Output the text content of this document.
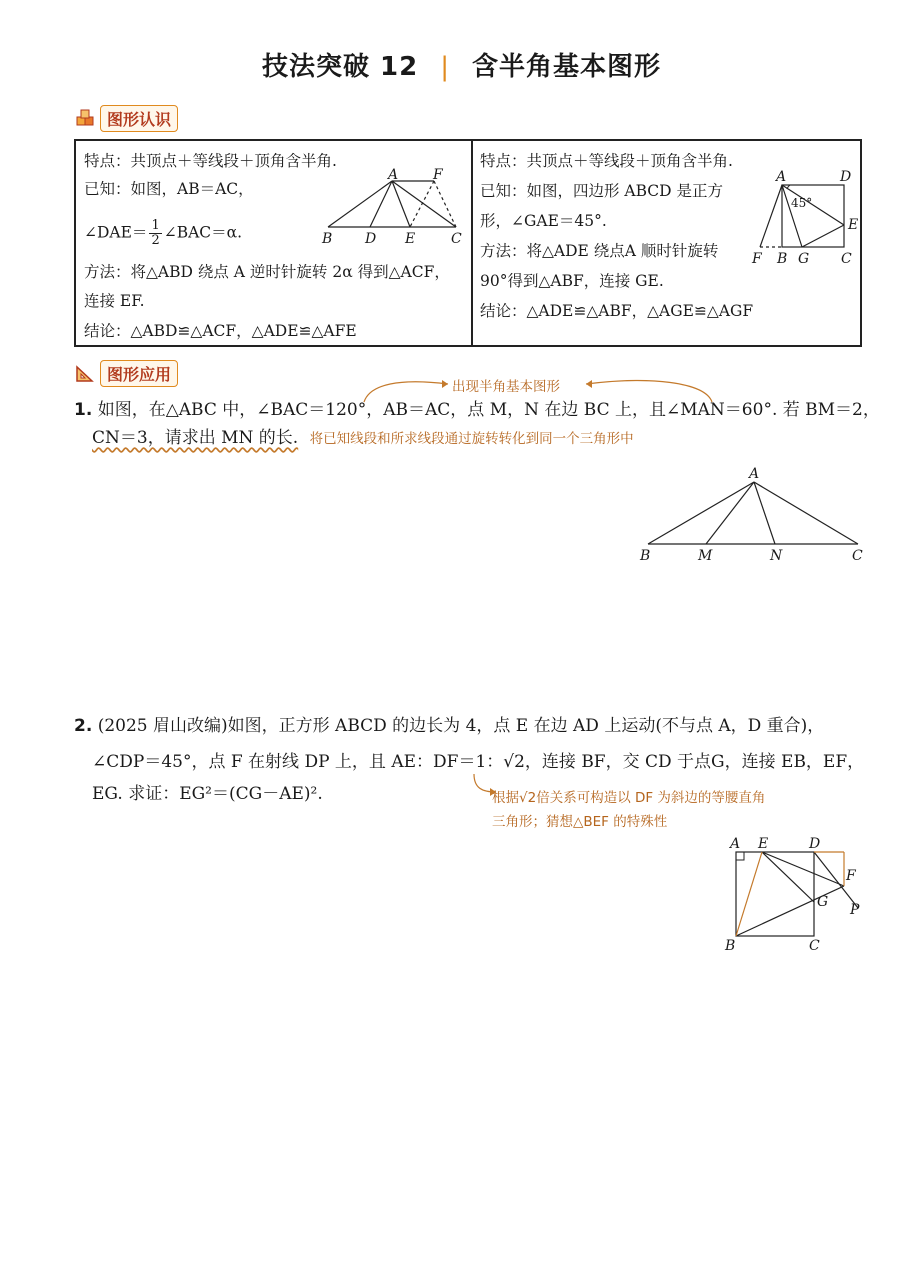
技法突破 12 | 含半角基本图形
图形认识
特点：共顶点＋等线段＋顶角含半角.
已知：如图，AB＝AC，
∠DAE＝ $\frac{1}{2}$ ∠BAC＝α.
方法：将△ABD 绕点 A 逆时针旋转 2α 得到△ACF，
连接 EF.
结论：△ABD≌△ACF，△ADE≌△AFE
A F
B D E	C
特点：共顶点＋等线段＋顶角含半角.
已知：如图，四边形 ABCD 是正方
形，∠GAE＝45°.
方法：将△ADE 绕点A 顺时针旋转
90°得到△ABF，连接 GE.
结论：△ADE≌△ABF，△AGE≌△AGF
A	D
E
F B G C
45°
图形应用
出现半角基本图形
1. 如图，在△ABC 中，∠BAC＝120°，AB＝AC，点 M，N 在边 BC 上，且∠MAN＝60°. 若 BM＝2，
CN＝3，请求出 MN 的长. 将已知线段和所求线段通过旋转转化到同一个三角形中
A
B	M	N	C
2. (2025 眉山改编)如图，正方形 ABCD 的边长为 4，点 E 在边 AD 上运动(不与点 A，D 重合)，
∠CDP＝45°，点 F 在射线 DP 上，且 AE：DF＝1：√2，连接 BF，交 CD 于点G，连接 EB，EF，
EG. 求证：EG²＝(CG－AE)².	根据√2倍关系可构造以 DF 为斜边的等腰直角
三角形；猜想△BEF 的特殊性
A E	D
F
G P
B	C
